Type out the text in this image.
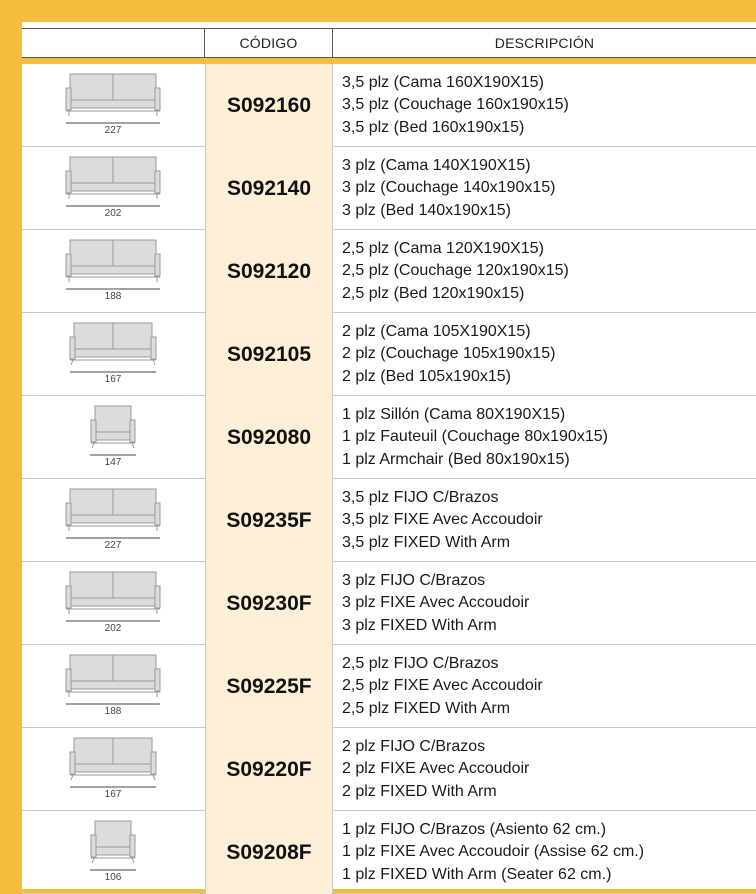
CÓDIGO	DESCRIPCIÓN
227
S092160
3,5 plz (Cama 160X190X15)
3,5 plz (Couchage 160x190x15)
3,5 plz (Bed 160x190x15)
202
S092140
3 plz (Cama 140X190X15)
3 plz (Couchage 140x190x15)
3 plz (Bed 140x190x15)
188
S092120
2,5 plz (Cama 120X190X15)
2,5 plz (Couchage 120x190x15)
2,5 plz (Bed 120x190x15)
167
S092105
2 plz (Cama 105X190X15)
2 plz (Couchage 105x190x15)
2 plz (Bed 105x190x15)
147
S092080
1 plz Sillón (Cama 80X190X15)
1 plz Fauteuil (Couchage 80x190x15)
1 plz Armchair (Bed 80x190x15)
227
S09235F
3,5 plz FIJO C/Brazos
3,5 plz FIXE Avec Accoudoir
3,5 plz FIXED With Arm
202
S09230F
3 plz FIJO C/Brazos
3 plz FIXE Avec Accoudoir
3 plz FIXED With Arm
188
S09225F
2,5 plz FIJO C/Brazos
2,5 plz FIXE Avec Accoudoir
2,5 plz FIXED With Arm
167
S09220F
2 plz FIJO C/Brazos
2 plz FIXE Avec Accoudoir
2 plz FIXED With Arm
106
S09208F
1 plz FIJO C/Brazos (Asiento 62 cm.)
1 plz FIXE Avec Accoudoir (Assise 62 cm.)
1 plz FIXED With Arm (Seater 62 cm.)
